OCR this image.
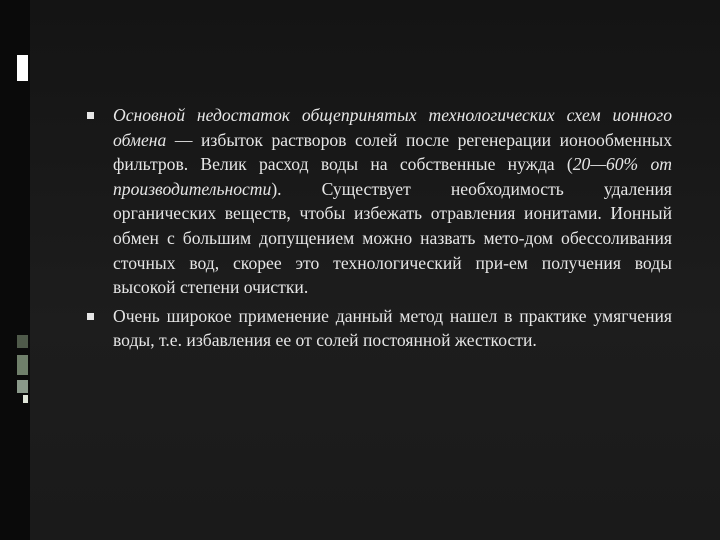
Основной недостаток общепринятых технологических схем ионного обмена — избыток растворов солей после регенерации ионообменных фильтров. Велик расход воды на собственные нужда (20—60% от производительности). Существует необходимость удаления органических веществ, чтобы избежать отравления ионитами. Ионный обмен с большим допущением можно назвать мето-дом обессоливания сточных вод, скорее это технологический при-ем получения воды высокой степени очистки.
Очень широкое применение данный метод нашел в практике умягчения воды, т.е. избавления ее от солей постоянной жесткости.
